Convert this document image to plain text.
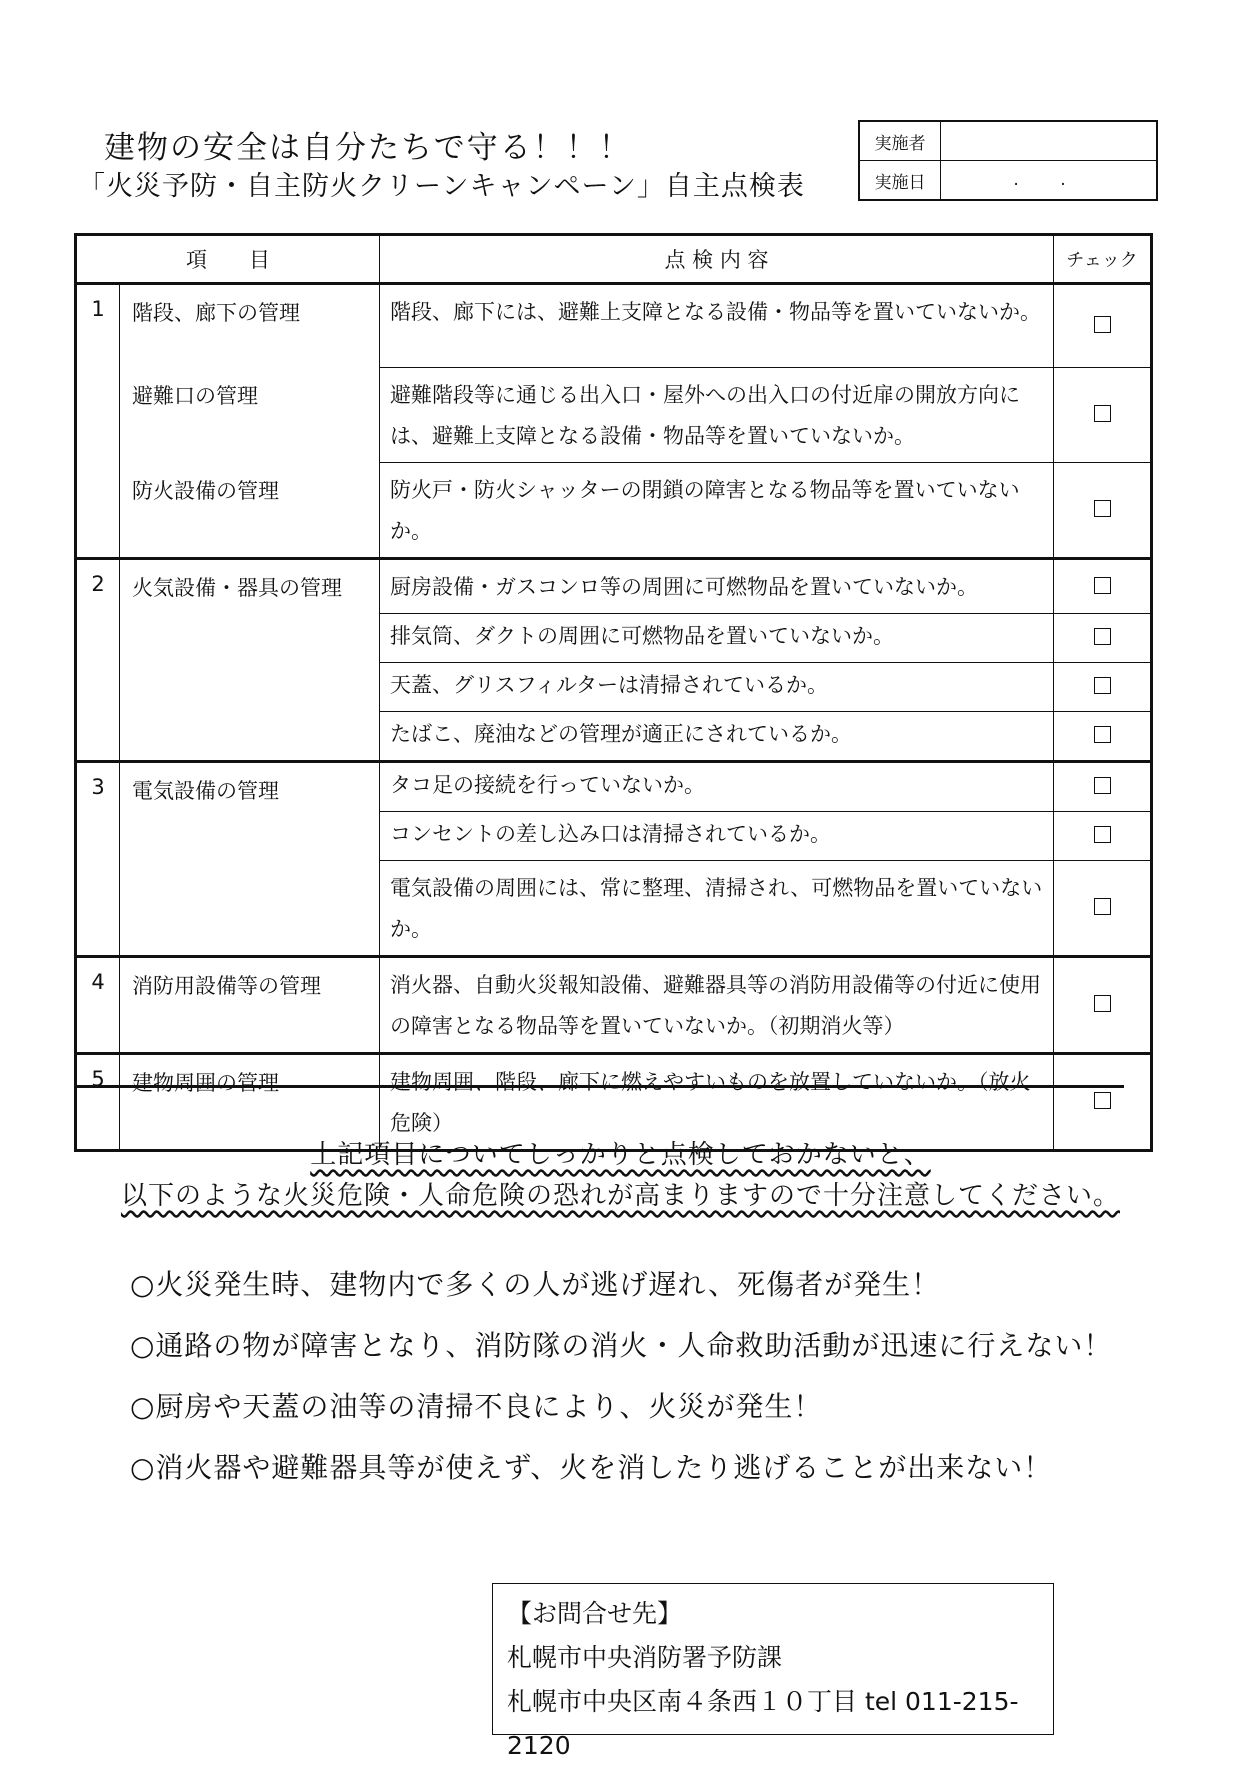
建物の安全は自分たちで守る！！！
「火災予防・自主防火クリーンキャンペーン」自主点検表
実施者	
実施日	. .
項　　目		点 検 内 容	チェック
1	階段、廊下の管理	階段、廊下には、避難上支障となる設備・物品等を置いていないか。	
	避難口の管理	避難階段等に通じる出入口・屋外への出入口の付近扉の開放方向には、避難上支障となる設備・物品等を置いていないか。	
	防火設備の管理	防火戸・防火シャッターの閉鎖の障害となる物品等を置いていないか。	
2	火気設備・器具の管理	厨房設備・ガスコンロ等の周囲に可燃物品を置いていないか。	
		排気筒、ダクトの周囲に可燃物品を置いていないか。	
		天蓋、グリスフィルターは清掃されているか。	
		たばこ、廃油などの管理が適正にされているか。	
3	電気設備の管理	タコ足の接続を行っていないか。	
		コンセントの差し込み口は清掃されているか。	
		電気設備の周囲には、常に整理、清掃され、可燃物品を置いていないか。	
4	消防用設備等の管理	消火器、自動火災報知設備、避難器具等の消防用設備等の付近に使用の障害となる物品等を置いていないか。（初期消火等）	
5	建物周囲の管理	建物周囲、階段、廊下に燃えやすいものを放置していないか。（放火危険）	
上記項目についてしっかりと点検しておかないと、
以下のような火災危険・人命危険の恐れが高まりますので十分注意してください。
○火災発生時、建物内で多くの人が逃げ遅れ、死傷者が発生！
○通路の物が障害となり、消防隊の消火・人命救助活動が迅速に行えない！
○厨房や天蓋の油等の清掃不良により、火災が発生！
○消火器や避難器具等が使えず、火を消したり逃げることが出来ない！
【お問合せ先】
札幌市中央消防署予防課
札幌市中央区南４条西１０丁目 tel 011-215-2120
